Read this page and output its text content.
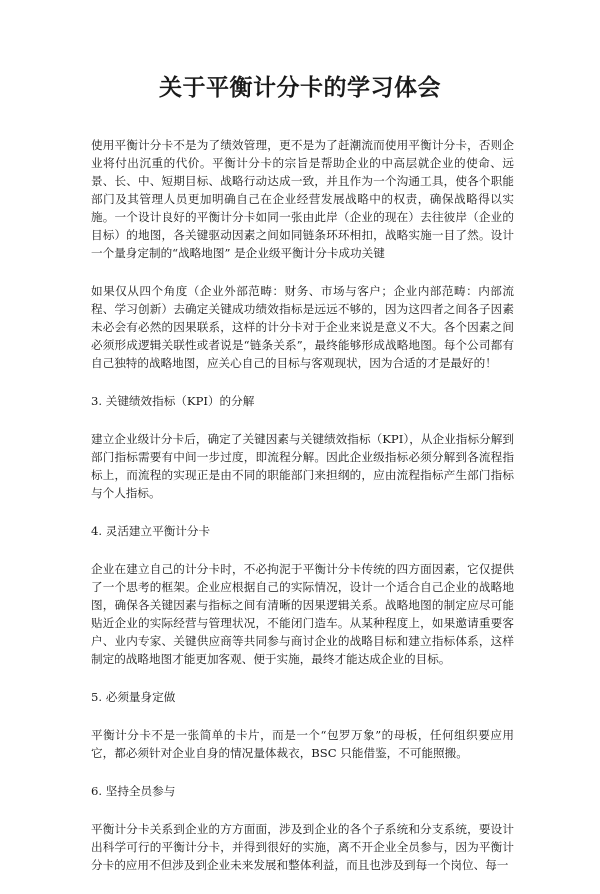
关于平衡计分卡的学习体会

使用平衡计分卡不是为了绩效管理，更不是为了赶潮流而使用平衡计分卡，否则企业将付出沉重的代价。平衡计分卡的宗旨是帮助企业的中高层就企业的使命、远景、长、中、短期目标、战略行动达成一致，并且作为一个沟通工具，使各个职能部门及其管理人员更加明确自己在企业经营发展战略中的权责，确保战略得以实施。一个设计良好的平衡计分卡如同一张由此岸（企业的现在）去往彼岸（企业的目标）的地图，各关键驱动因素之间如同链条环环相扣，战略实施一目了然。设计一个量身定制的“战略地图” 是企业级平衡计分卡成功关键

如果仅从四个角度（企业外部范畴：财务、市场与客户；企业内部范畴：内部流程、学习创新）去确定关键成功绩效指标是远远不够的，因为这四者之间各子因素未必会有必然的因果联系，这样的计分卡对于企业来说是意义不大。各个因素之间必须形成逻辑关联性或者说是“链条关系”，最终能够形成战略地图。每个公司都有自己独特的战略地图，应关心自己的目标与客观现状，因为合适的才是最好的！

3. 关键绩效指标（KPI）的分解

建立企业级计分卡后，确定了关键因素与关键绩效指标（KPI），从企业指标分解到部门指标需要有中间一步过度，即流程分解。因此企业级指标必须分解到各流程指标上，而流程的实现正是由不同的职能部门来担纲的，应由流程指标产生部门指标与个人指标。

4. 灵活建立平衡计分卡

企业在建立自己的计分卡时，不必拘泥于平衡计分卡传统的四方面因素，它仅提供了一个思考的框架。企业应根据自己的实际情况，设计一个适合自己企业的战略地图，确保各关键因素与指标之间有清晰的因果逻辑关系。战略地图的制定应尽可能贴近企业的实际经营与管理状况，不能闭门造车。从某种程度上，如果邀请重要客户、业内专家、关键供应商等共同参与商讨企业的战略目标和建立指标体系，这样制定的战略地图才能更加客观、便于实施，最终才能达成企业的目标。

5. 必须量身定做

平衡计分卡不是一张简单的卡片，而是一个“包罗万象”的母板，任何组织要应用它，都必须针对企业自身的情况量体裁衣，BSC 只能借鉴，不可能照搬。

6. 坚持全员参与

平衡计分卡关系到企业的方方面面，涉及到企业的各个子系统和分支系统，要设计出科学可行的平衡计分卡，并得到很好的实施，离不开企业全员参与，因为平衡计分卡的应用不但涉及到企业未来发展和整体利益，而且也涉及到每一个岗位、每一
